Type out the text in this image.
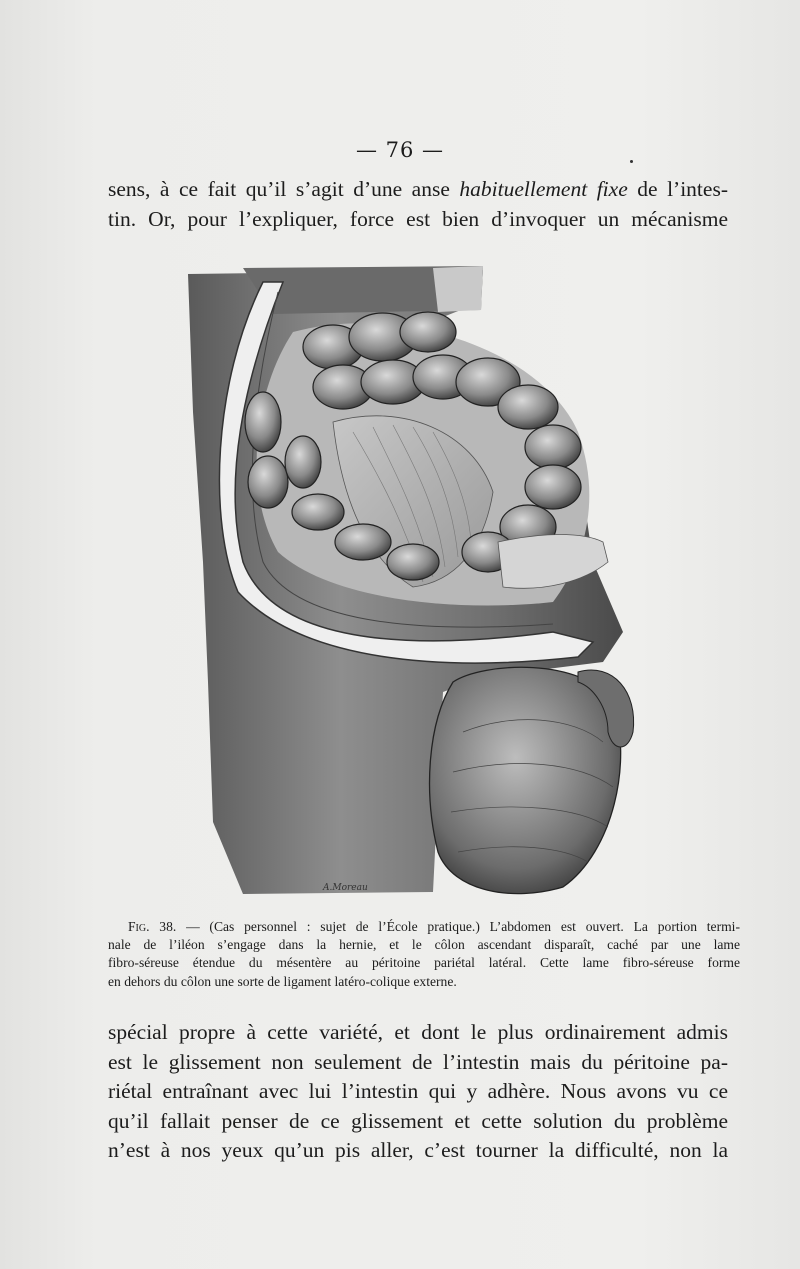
— 76 —
sens, à ce fait qu’il s’agit d’une anse habituellement fixe de l’intes-
tin. Or, pour l’expliquer, force est bien d’invoquer un mécanisme
A.Moreau
Fig. 38. — (Cas personnel : sujet de l’École pratique.) L’abdomen est ouvert. La portion termi-
nale de l’iléon s’engage dans la hernie, et le côlon ascendant disparaît, caché par une lame
fibro-séreuse étendue du mésentère au péritoine pariétal latéral. Cette lame fibro-séreuse forme
en dehors du côlon une sorte de ligament latéro-colique externe.
spécial propre à cette variété, et dont le plus ordinairement admis
est le glissement non seulement de l’intestin mais du péritoine pa-
riétal entraînant avec lui l’intestin qui y adhère. Nous avons vu ce
qu’il fallait penser de ce glissement et cette solution du problème
n’est à nos yeux qu’un pis aller, c’est tourner la difficulté, non la
